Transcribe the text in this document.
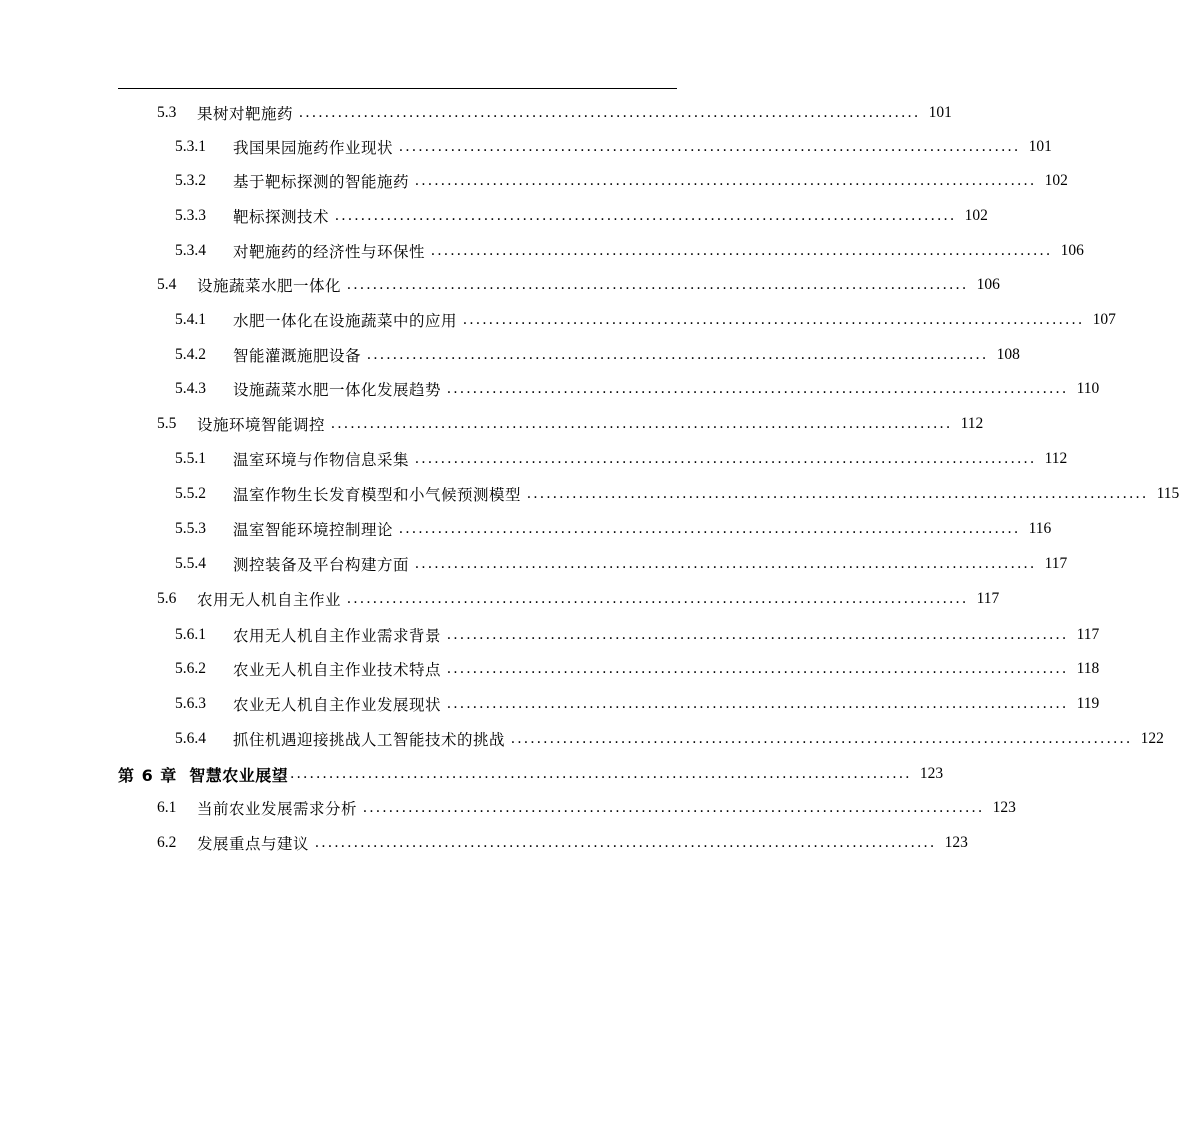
5.3	果树对靶施药 ................................................................................................ 101
5.3.1	我国果园施药作业现状 ................................................................................................ 101
5.3.2	基于靶标探测的智能施药 ................................................................................................ 102
5.3.3	靶标探测技术 ................................................................................................ 102
5.3.4	对靶施药的经济性与环保性 ................................................................................................ 106
5.4	设施蔬菜水肥一体化 ................................................................................................ 106
5.4.1	水肥一体化在设施蔬菜中的应用 ................................................................................................ 107
5.4.2	智能灌溉施肥设备 ................................................................................................ 108
5.4.3	设施蔬菜水肥一体化发展趋势 ................................................................................................ 110
5.5	设施环境智能调控 ................................................................................................ 112
5.5.1	温室环境与作物信息采集 ................................................................................................ 112
5.5.2	温室作物生长发育模型和小气候预测模型 ................................................................................................ 115
5.5.3	温室智能环境控制理论 ................................................................................................ 116
5.5.4	测控装备及平台构建方面 ................................................................................................ 117
5.6	农用无人机自主作业 ................................................................................................ 117
5.6.1	农用无人机自主作业需求背景 ................................................................................................ 117
5.6.2	农业无人机自主作业技术特点 ................................................................................................ 118
5.6.3	农业无人机自主作业发展现状 ................................................................................................ 119
5.6.4	抓住机遇迎接挑战人工智能技术的挑战 ................................................................................................ 122
第 6 章 智慧农业展望 ................................................................................................ 123
6.1	当前农业发展需求分析 ................................................................................................ 123
6.2	发展重点与建议 ................................................................................................ 123
